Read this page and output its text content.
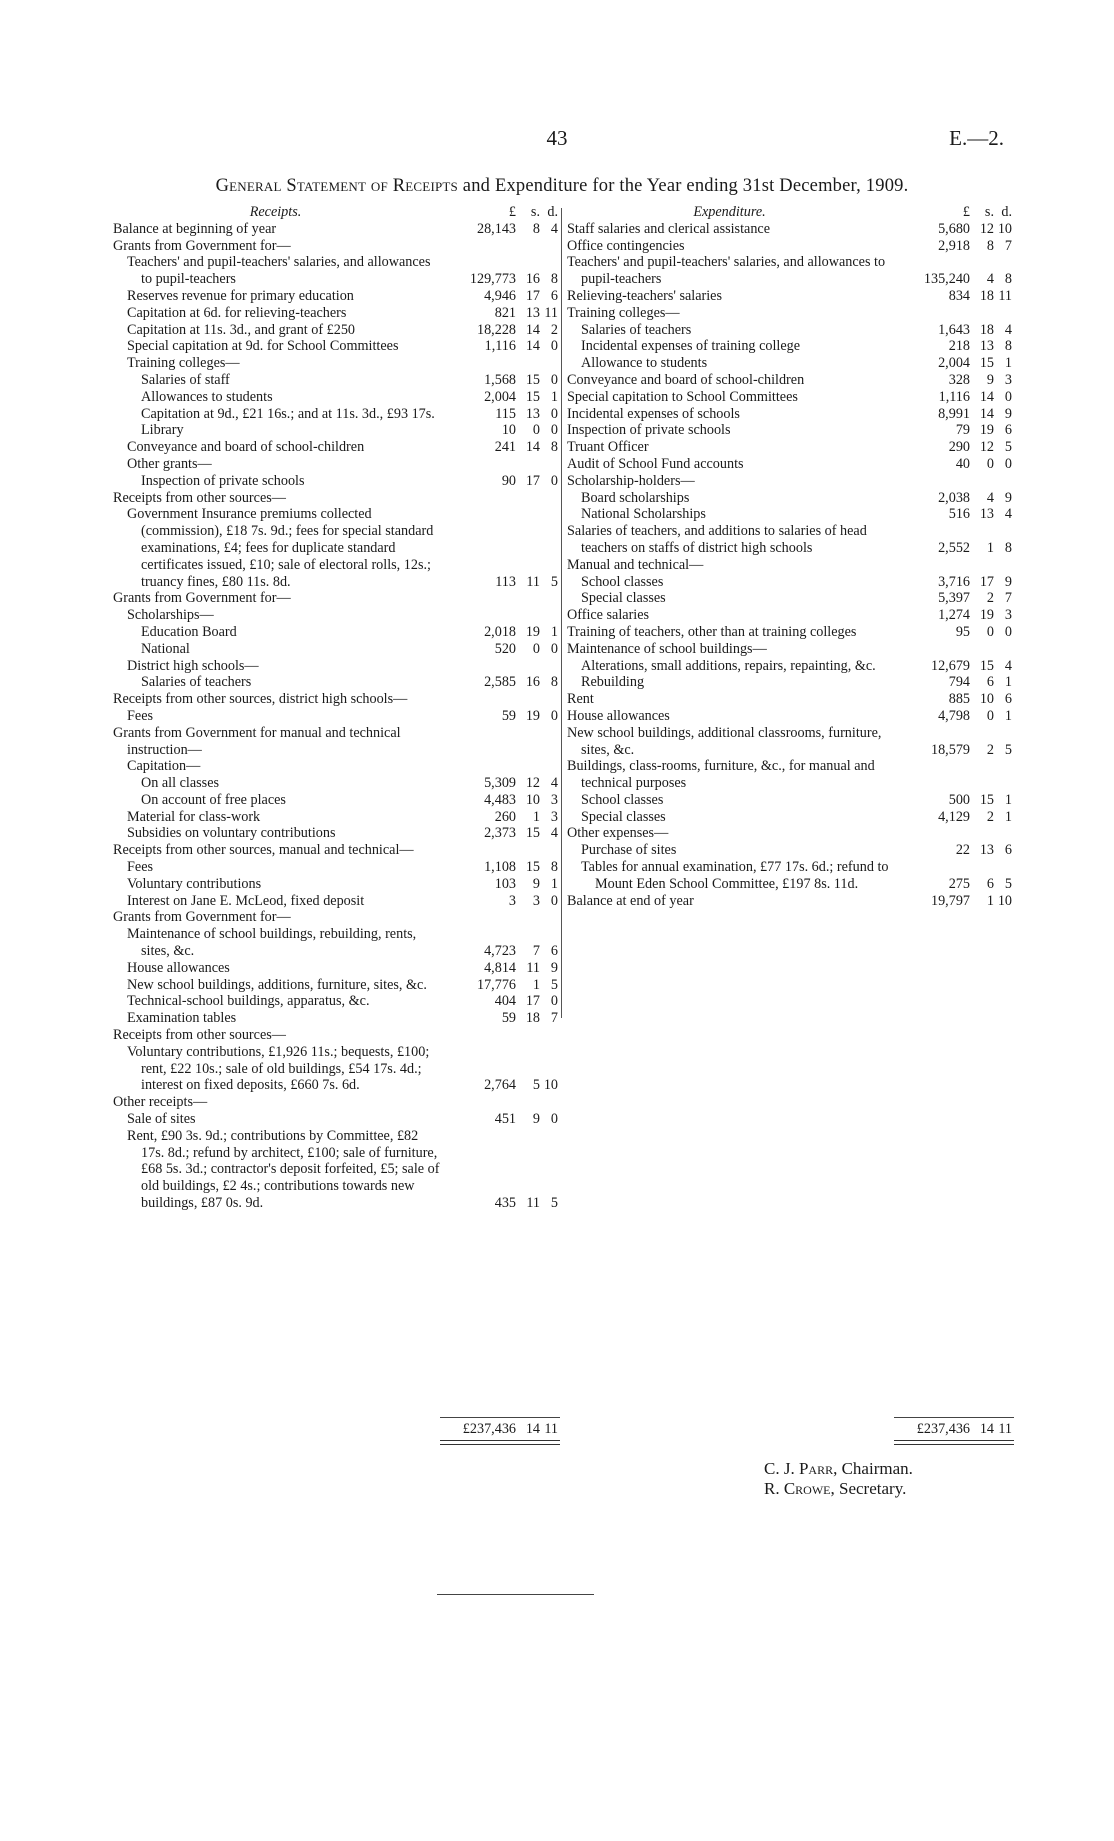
43	E.—2.
General Statement of Receipts and Expenditure for the Year ending 31st December, 1909.
Receipts.	£	s. d.
Balance at beginning of year	28,143	8 4
Grants from Government for—
Teachers' and pupil-teachers' salaries, and allowances to pupil-teachers	129,773 16 8
Reserves revenue for primary education	4,946 17 6
Capitation at 6d. for relieving-teachers	821 13 11
Capitation at 11s. 3d., and grant of £250	18,228 14 2
Special capitation at 9d. for School Committees	1,116 14 0
Training colleges—
Salaries of staff	1,568 15 0
Allowances to students	2,004 15 1
Capitation at 9d., £21 16s.; and at 11s. 3d., £93 17s.	115 13 0
Library	10	0 0
Conveyance and board of school-children	241 14 8
Other grants—
Inspection of private schools	90 17 0
Receipts from other sources—
Government Insurance premiums collected (commission), £18 7s. 9d.; fees for special standard examinations, £4; fees for duplicate standard certificates issued, £10; sale of electoral rolls, 12s.; truancy fines, £80 11s. 8d.	113 11 5
Grants from Government for—
Scholarships—
Education Board	2,018 19 1
National	520	0 0
District high schools—
Salaries of teachers	2,585 16 8
Receipts from other sources, district high schools—
Fees	59 19 0
Grants from Government for manual and technical instruction—
Capitation—
On all classes	5,309 12 4
On account of free places	4,483 10 3
Material for class-work	260	1 3
Subsidies on voluntary contributions	2,373 15 4
Receipts from other sources, manual and technical—
Fees	1,108 15 8
Voluntary contributions	103	9 1
Interest on Jane E. McLeod, fixed deposit	3	3 0
Grants from Government for—
Maintenance of school buildings, rebuilding, rents, sites, &c.	4,723	7 6
House allowances	4,814 11 9
New school buildings, additions, furniture, sites, &c.	17,776	1 5
Technical-school buildings, apparatus, &c.	404 17 0
Examination tables	59 18 7
Receipts from other sources—
Voluntary contributions, £1,926 11s.; bequests, £100; rent, £22 10s.; sale of old buildings, £54 17s. 4d.; interest on fixed deposits, £660 7s. 6d.	2,764	5 10
Other receipts—
Sale of sites	451	9 0
Rent, £90 3s. 9d.; contributions by Committee, £82 17s. 8d.; refund by architect, £100; sale of furniture, £68 5s. 3d.; contractor's deposit forfeited, £5; sale of old buildings, £2 4s.; contributions towards new buildings, £87 0s. 9d.	435 11 5
Expenditure.	£	s. d.
Staff salaries and clerical assistance	5,680 12 10
Office contingencies	2,918	8 7
Teachers' and pupil-teachers' salaries, and allowances to pupil-teachers	135,240	4 8
Relieving-teachers' salaries	834 18 11
Training colleges—
Salaries of teachers	1,643 18 4
Incidental expenses of training college	218 13 8
Allowance to students	2,004 15 1
Conveyance and board of school-children	328	9 3
Special capitation to School Committees	1,116 14 0
Incidental expenses of schools	8,991 14 9
Inspection of private schools	79 19 6
Truant Officer	290 12 5
Audit of School Fund accounts	40	0 0
Scholarship-holders—
Board scholarships	2,038	4 9
National Scholarships	516 13 4
Salaries of teachers, and additions to salaries of head teachers on staffs of district high schools	2,552	1 8
Manual and technical—
School classes	3,716 17 9
Special classes	5,397	2 7
Office salaries	1,274 19 3
Training of teachers, other than at training colleges	95	0 0
Maintenance of school buildings—
Alterations, small additions, repairs, repainting, &c.	12,679 15 4
Rebuilding	794	6 1
Rent	885 10 6
House allowances	4,798	0 1
New school buildings, additional classrooms, furniture, sites, &c.	18,579	2 5
Buildings, class-rooms, furniture, &c., for manual and technical purposes
School classes	500 15 1
Special classes	4,129	2 1
Other expenses—
Purchase of sites	22 13 6
Tables for annual examination, £77 17s. 6d.; refund to Mount Eden School Committee, £197 8s. 11d.	275	6 5
Balance at end of year	19,797	1 10
£237,436 14 11	£237,436 14 11
C. J. Parr, Chairman.
R. Crowe, Secretary.
